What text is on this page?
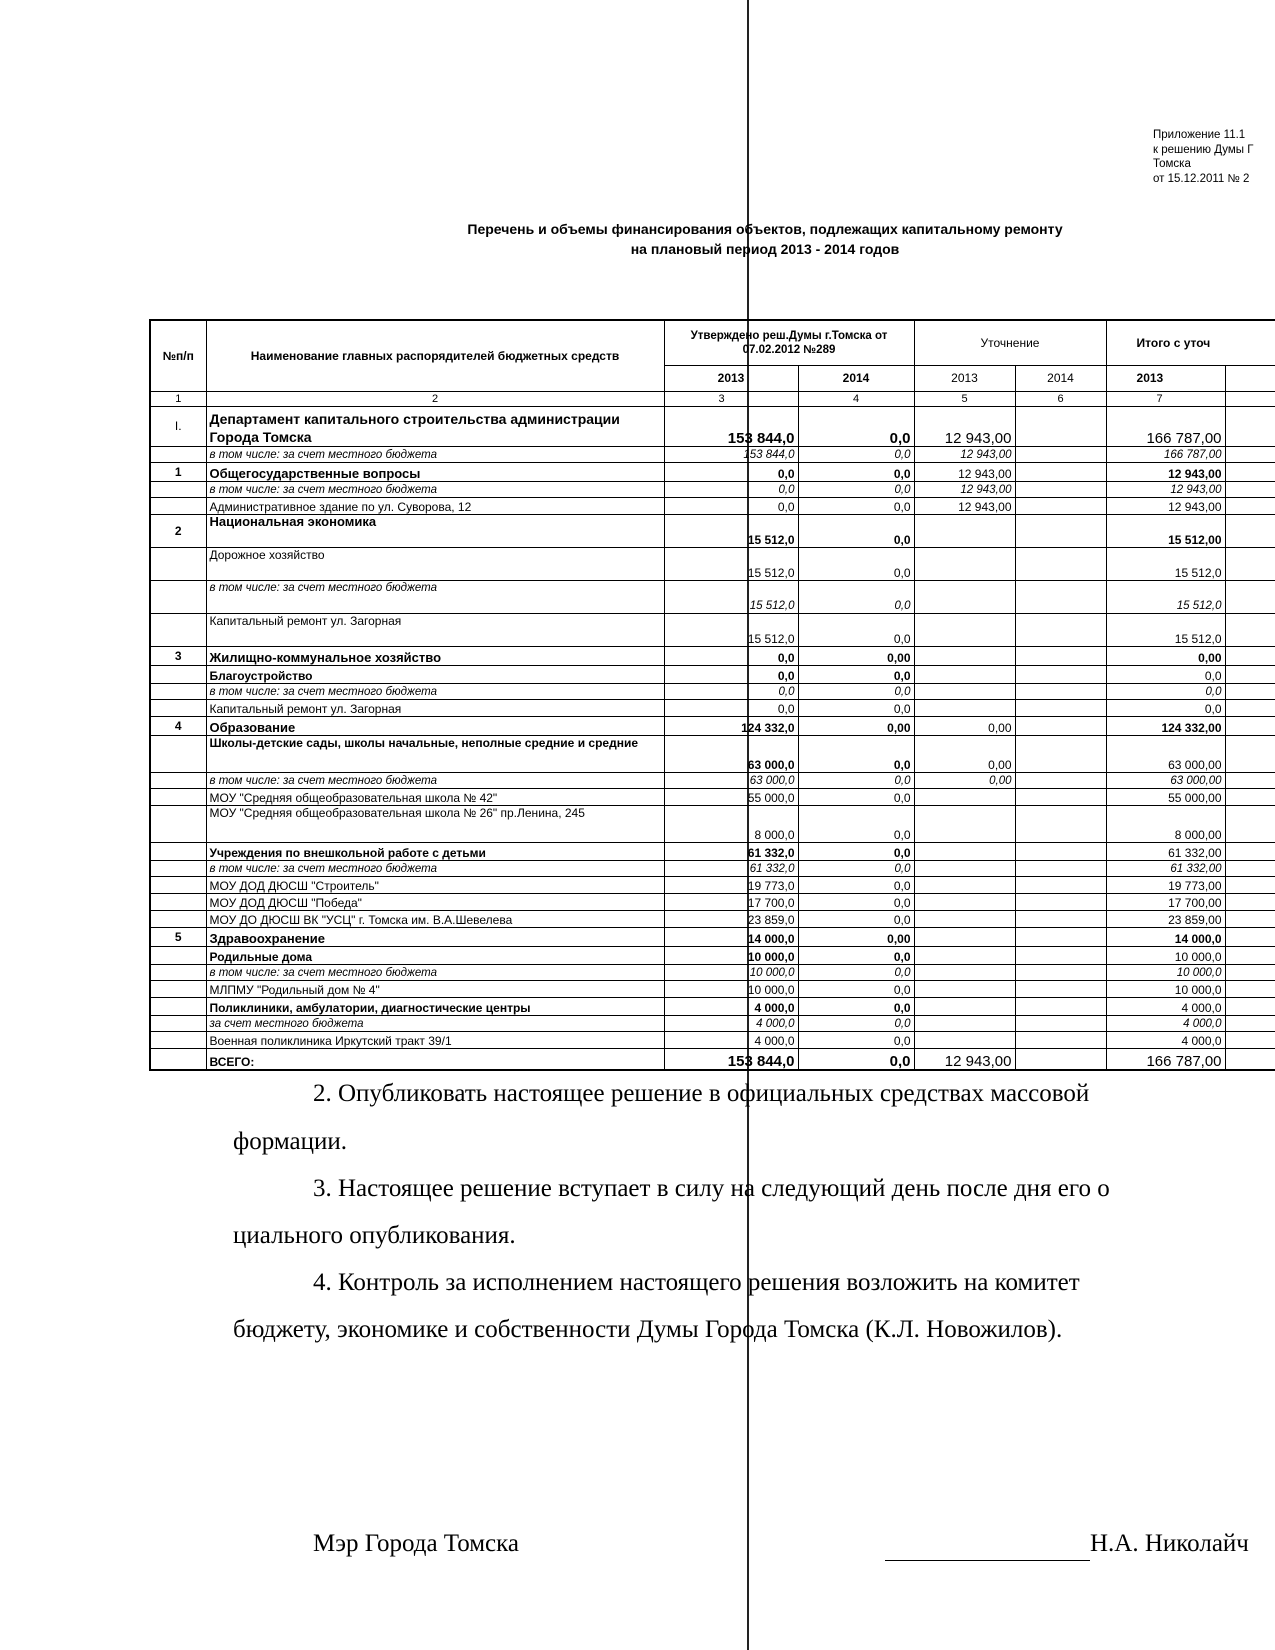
Приложение 11.1
к решению Думы Г
Томска
от 15.12.2011 № 2
Перечень и объемы финансирования объектов, подлежащих капитальному ремонту
на плановый период 2013 - 2014 годов
№п/п	Наименование главных распорядителей бюджетных средств	Утверждено реш.Думы г.Томска от 07.02.2012 №289		Уточнение		Итого с уточ	
		2013	2014	2013	2014	2013	
1	2	3	4	5	6	7	
I.	Департамент капитального строительства администрации Города Томска	153 844,0	0,0	12 943,00		166 787,00	
	в том числе: за счет местного бюджета	153 844,0	0,0	12 943,00		166 787,00	
1	Общегосударственные вопросы	0,0	0,0	12 943,00		12 943,00	
	в том числе: за счет местного бюджета	0,0	0,0	12 943,00		12 943,00	
	Административное здание по ул. Суворова, 12	0,0	0,0	12 943,00		12 943,00	
2	Национальная экономика	15 512,0	0,0			15 512,00	
	Дорожное хозяйство	15 512,0	0,0			15 512,0	
	в том числе: за счет местного бюджета	15 512,0	0,0			15 512,0	
	Капитальный ремонт ул. Загорная	15 512,0	0,0			15 512,0	
3	Жилищно-коммунальное хозяйство	0,0	0,00			0,00	
	Благоустройство	0,0	0,0			0,0	
	в том числе: за счет местного бюджета	0,0	0,0			0,0	
	Капитальный ремонт ул. Загорная	0,0	0,0			0,0	
4	Образование	124 332,0	0,00	0,00		124 332,00	
	Школы-детские сады, школы начальные, неполные средние и средние	63 000,0	0,0	0,00		63 000,00	
	в том числе: за счет местного бюджета	63 000,0	0,0	0,00		63 000,00	
	МОУ "Средняя общеобразовательная школа № 42"	55 000,0	0,0			55 000,00	
	МОУ "Средняя общеобразовательная школа № 26" пр.Ленина, 245	8 000,0	0,0			8 000,00	
	Учреждения по внешкольной работе с детьми	61 332,0	0,0			61 332,00	
	в том числе: за счет местного бюджета	61 332,0	0,0			61 332,00	
	МОУ ДОД ДЮСШ "Строитель"	19 773,0	0,0			19 773,00	
	МОУ ДОД ДЮСШ "Победа"	17 700,0	0,0			17 700,00	
	МОУ ДО ДЮСШ ВК "УСЦ" г. Томска им. В.А.Шевелева	23 859,0	0,0			23 859,00	
5	Здравоохранение	14 000,0	0,00			14 000,0	
	Родильные дома	10 000,0	0,0			10 000,0	
	в том числе: за счет местного бюджета	10 000,0	0,0			10 000,0	
	МЛПМУ "Родильный дом № 4"	10 000,0	0,0			10 000,0	
	Поликлиники, амбулатории, диагностические центры	4 000,0	0,0			4 000,0	
	за счет местного бюджета	4 000,0	0,0			4 000,0	
	Военная поликлиника Иркутский тракт 39/1	4 000,0	0,0			4 000,0	
	ВСЕГО:	153 844,0	0,0	12 943,00		166 787,00	
2. Опубликовать настоящее решение в официальных средствах массовой
формации.
3. Настоящее решение вступает в силу на следующий день после дня его о
циального опубликования.
4. Контроль за исполнением настоящего решения возложить на комитет
бюджету, экономике и собственности Думы Города Томска (К.Л. Новожилов).
Мэр Города Томска	Н.А. Николайч
